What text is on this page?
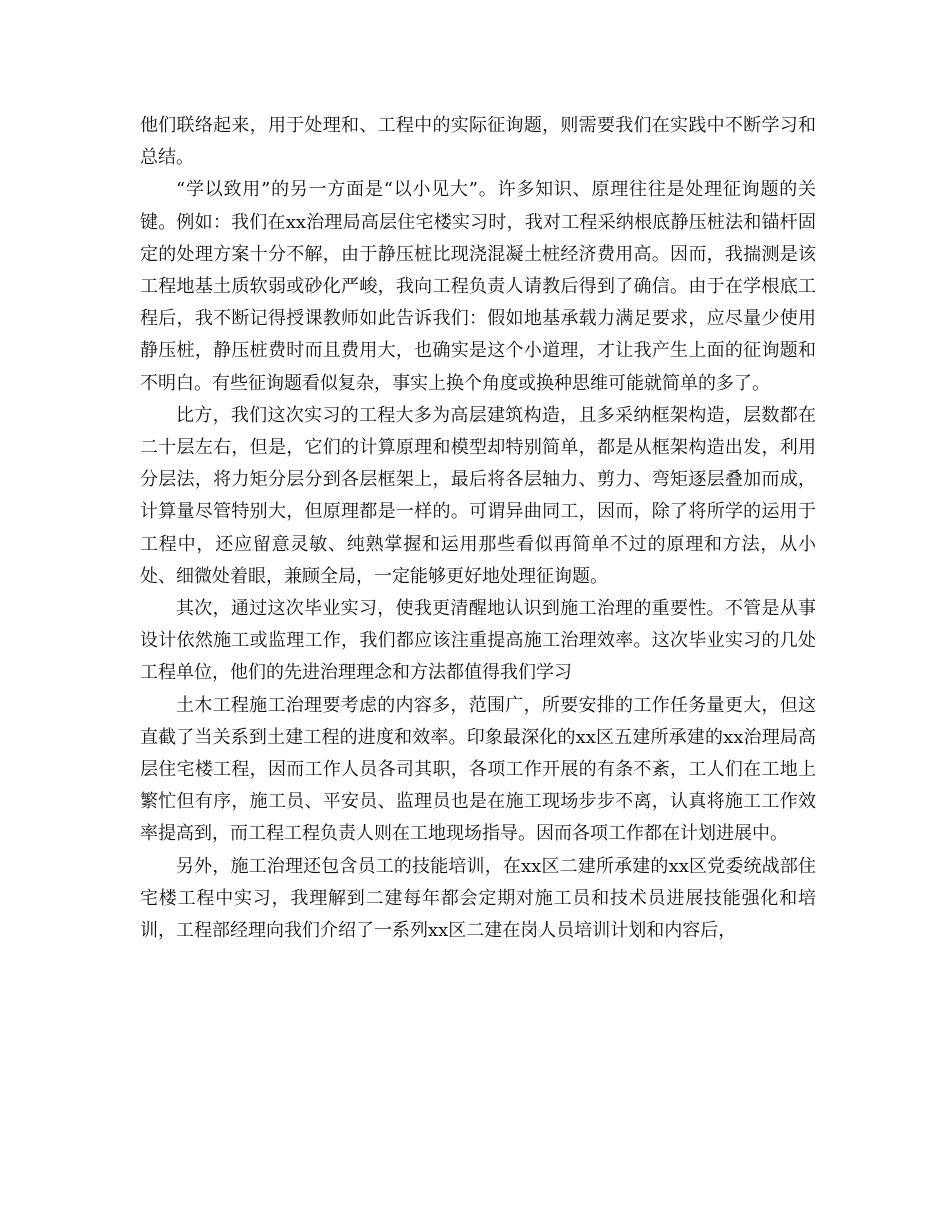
他们联络起来，用于处理和、工程中的实际征询题，则需要我们在实践中不断学习和总结。

“学以致用”的另一方面是“以小见大”。许多知识、原理往往是处理征询题的关键。例如：我们在xx治理局高层住宅楼实习时，我对工程采纳根底静压桩法和锚杆固定的处理方案十分不解，由于静压桩比现浇混凝土桩经济费用高。因而，我揣测是该工程地基土质软弱或砂化严峻，我向工程负责人请教后得到了确信。由于在学根底工程后，我不断记得授课教师如此告诉我们：假如地基承载力满足要求，应尽量少使用静压桩，静压桩费时而且费用大，也确实是这个小道理，才让我产生上面的征询题和不明白。有些征询题看似复杂，事实上换个角度或换种思维可能就简单的多了。

比方，我们这次实习的工程大多为高层建筑构造，且多采纳框架构造，层数都在二十层左右，但是，它们的计算原理和模型却特别简单，都是从框架构造出发，利用分层法，将力矩分层分到各层框架上，最后将各层轴力、剪力、弯矩逐层叠加而成，计算量尽管特别大，但原理都是一样的。可谓异曲同工，因而，除了将所学的运用于工程中，还应留意灵敏、纯熟掌握和运用那些看似再简单不过的原理和方法，从小处、细微处着眼，兼顾全局，一定能够更好地处理征询题。

其次，通过这次毕业实习，使我更清醒地认识到施工治理的重要性。不管是从事设计依然施工或监理工作，我们都应该注重提高施工治理效率。这次毕业实习的几处工程单位，他们的先进治理理念和方法都值得我们学习

土木工程施工治理要考虑的内容多，范围广，所要安排的工作任务量更大，但这直截了当关系到土建工程的进度和效率。印象最深化的xx区五建所承建的xx治理局高层住宅楼工程，因而工作人员各司其职，各项工作开展的有条不紊，工人们在工地上繁忙但有序，施工员、平安员、监理员也是在施工现场步步不离，认真将施工工作效率提高到，而工程工程负责人则在工地现场指导。因而各项工作都在计划进展中。

另外，施工治理还包含员工的技能培训，在xx区二建所承建的xx区党委统战部住宅楼工程中实习，我理解到二建每年都会定期对施工员和技术员进展技能强化和培训，工程部经理向我们介绍了一系列xx区二建在岗人员培训计划和内容后，
